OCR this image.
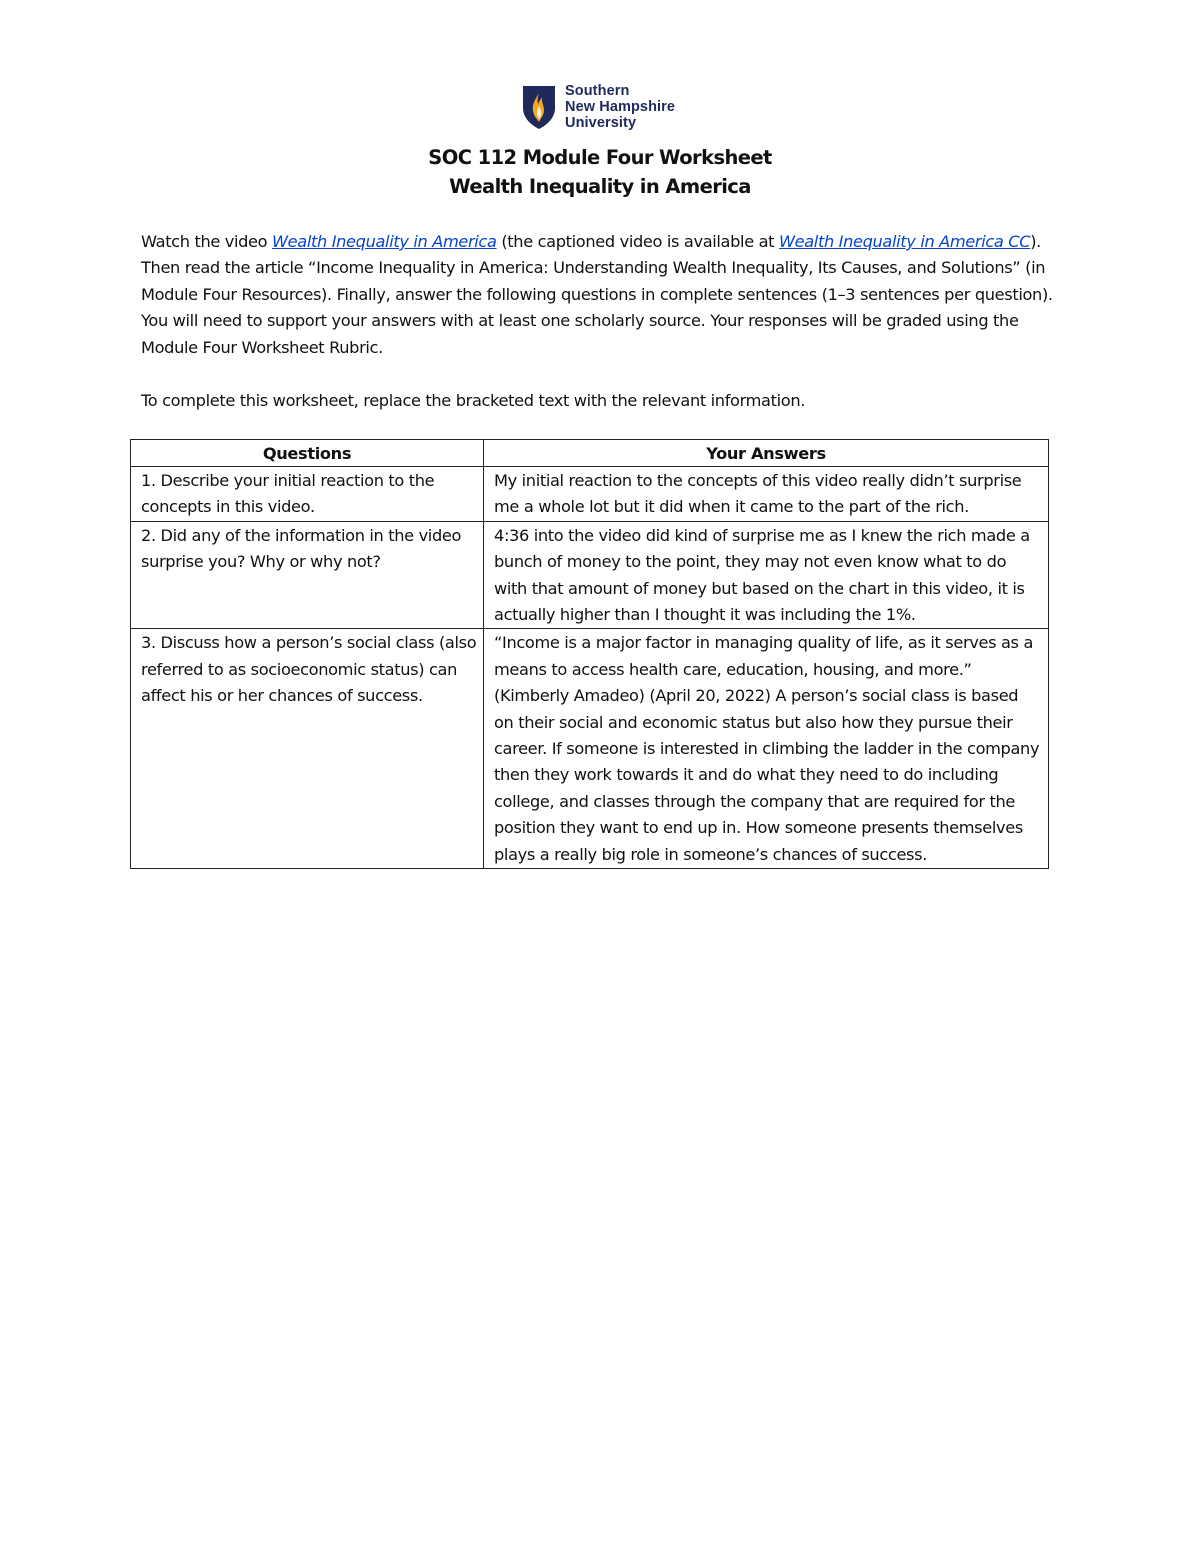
Southern
New Hampshire
University
SOC 112 Module Four Worksheet
Wealth Inequality in America
Watch the video Wealth Inequality in America (the captioned video is available at Wealth Inequality in America CC). Then read the article “Income Inequality in America: Understanding Wealth Inequality, Its Causes, and Solutions” (in Module Four Resources). Finally, answer the following questions in complete sentences (1–3 sentences per question). You will need to support your answers with at least one scholarly source. Your responses will be graded using the Module Four Worksheet Rubric.
To complete this worksheet, replace the bracketed text with the relevant information.
Questions	Your Answers
1. Describe your initial reaction to the concepts in this video.	My initial reaction to the concepts of this video really didn’t surprise me a whole lot but it did when it came to the part of the rich.
2. Did any of the information in the video surprise you? Why or why not?	4:36 into the video did kind of surprise me as I knew the rich made a bunch of money to the point, they may not even know what to do with that amount of money but based on the chart in this video, it is actually higher than I thought it was including the 1%.
3. Discuss how a person’s social class (also referred to as socioeconomic status) can affect his or her chances of success.	“Income is a major factor in managing quality of life, as it serves as a means to access health care, education, housing, and more.” (Kimberly Amadeo) (April 20, 2022) A person’s social class is based on their social and economic status but also how they pursue their career. If someone is interested in climbing the ladder in the company then they work towards it and do what they need to do including college, and classes through the company that are required for the position they want to end up in. How someone presents themselves plays a really big role in someone’s chances of success.
